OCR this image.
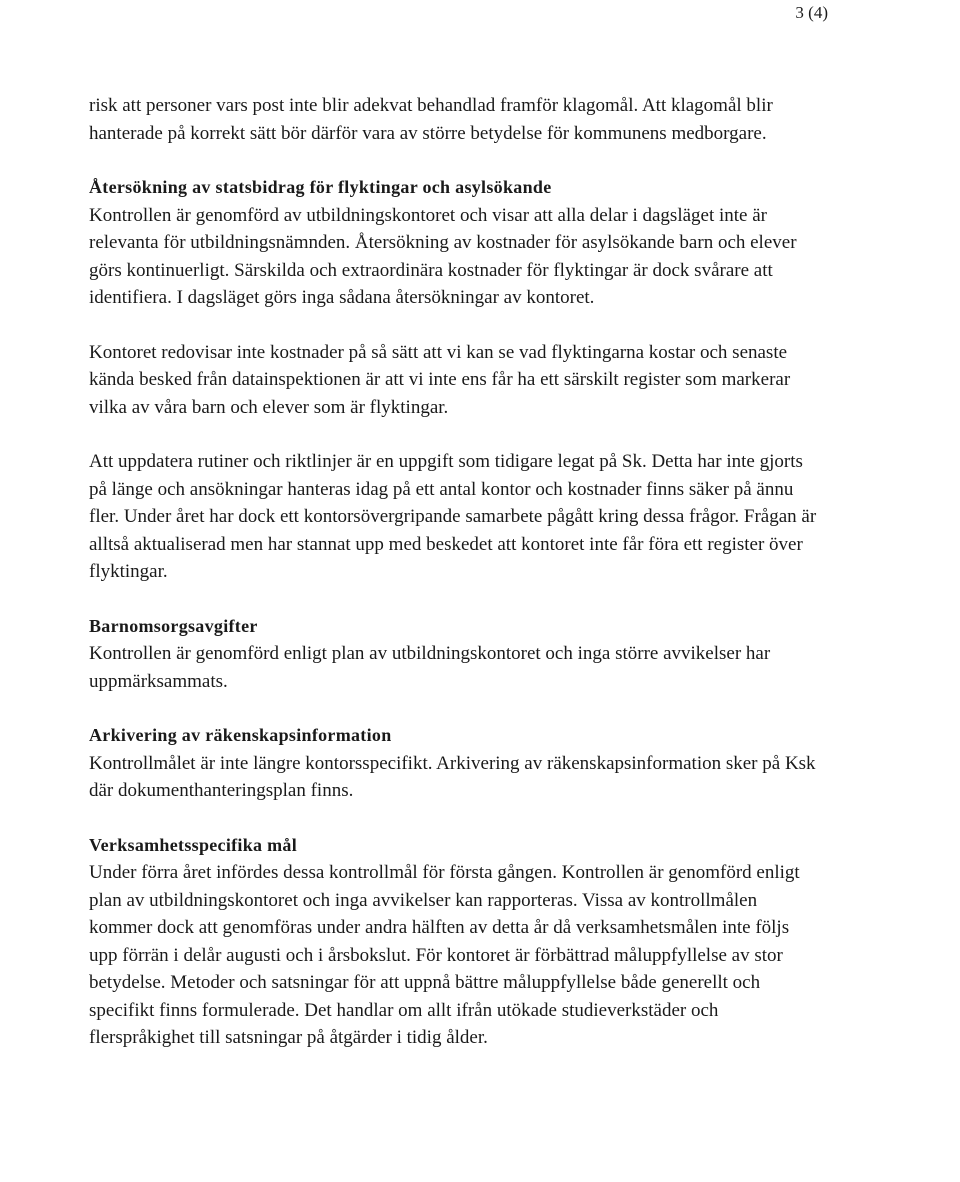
3 (4)

risk att personer vars post inte blir adekvat behandlad framför klagomål. Att klagomål blir hanterade på korrekt sätt bör därför vara av större betydelse för kommunens medborgare.

Återsökning av statsbidrag för flyktingar och asylsökande

Kontrollen är genomförd av utbildningskontoret och visar att alla delar i dagsläget inte är relevanta för utbildningsnämnden. Återsökning av kostnader för asylsökande barn och elever görs kontinuerligt. Särskilda och extraordinära kostnader för flyktingar är dock svårare att identifiera. I dagsläget görs inga sådana återsökningar av kontoret.

Kontoret redovisar inte kostnader på så sätt att vi kan se vad flyktingarna kostar och senaste kända besked från datainspektionen är att vi inte ens får ha ett särskilt register som markerar vilka av våra barn och elever som är flyktingar.

Att uppdatera rutiner och riktlinjer är en uppgift som tidigare legat på Sk. Detta har inte gjorts på länge och ansökningar hanteras idag på ett antal kontor och kostnader finns säker på ännu fler. Under året har dock ett kontorsövergripande samarbete pågått kring dessa frågor. Frågan är alltså aktualiserad men har stannat upp med beskedet att kontoret inte får föra ett register över flyktingar.

Barnomsorgsavgifter

Kontrollen är genomförd enligt plan av utbildningskontoret och inga större avvikelser har uppmärksammats.

Arkivering av räkenskapsinformation

Kontrollmålet är inte längre kontorsspecifikt. Arkivering av räkenskapsinformation sker på Ksk där dokumenthanteringsplan finns.

Verksamhetsspecifika mål

Under förra året infördes dessa kontrollmål för första gången. Kontrollen är genomförd enligt plan av utbildningskontoret och inga avvikelser kan rapporteras. Vissa av kontrollmålen kommer dock att genomföras under andra hälften av detta år då verksamhetsmålen inte följs upp förrän i delår augusti och i årsbokslut. För kontoret är förbättrad måluppfyllelse av stor betydelse. Metoder och satsningar för att uppnå bättre måluppfyllelse både generellt och specifikt finns formulerade. Det handlar om allt ifrån utökade studieverkstäder och flerspråkighet till satsningar på åtgärder i tidig ålder.
